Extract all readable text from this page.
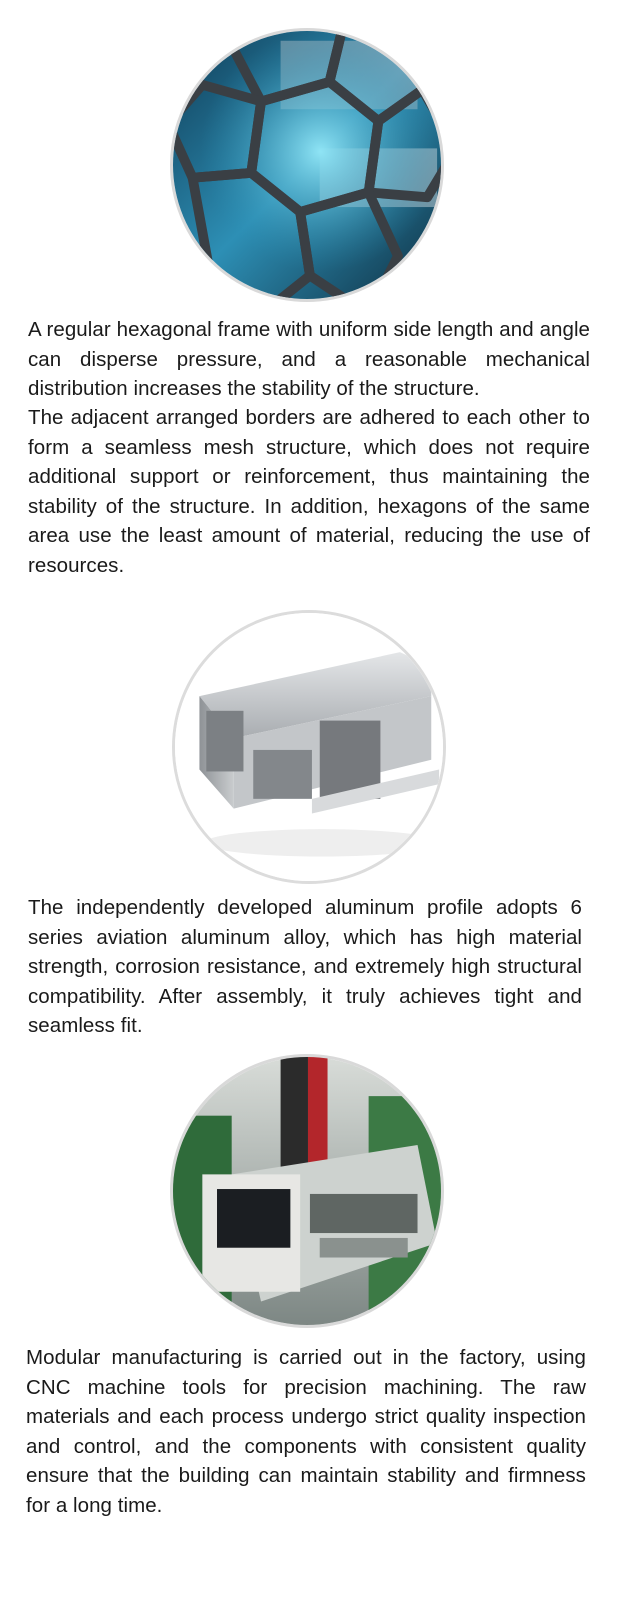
A regular hexagonal frame with uniform side length and angle can disperse pressure, and a reasonable mechanical distribution increases the stability of the structure.

The adjacent arranged borders are adhered to each other to form a seamless mesh structure, which does not require additional support or reinforcement, thus maintaining the stability of the structure. In addition, hexagons of the same area use the least amount of material, reducing the use of resources.

The independently developed aluminum profile adopts 6 series aviation aluminum alloy, which has high material strength, corrosion resistance, and extremely high structural compatibility. After assembly, it truly achieves tight and seamless fit.

Modular manufacturing is carried out in the factory, using CNC machine tools for precision machining. The raw materials and each process undergo strict quality inspection and control, and the components with consistent quality ensure that the building can maintain stability and firmness for a long time.
